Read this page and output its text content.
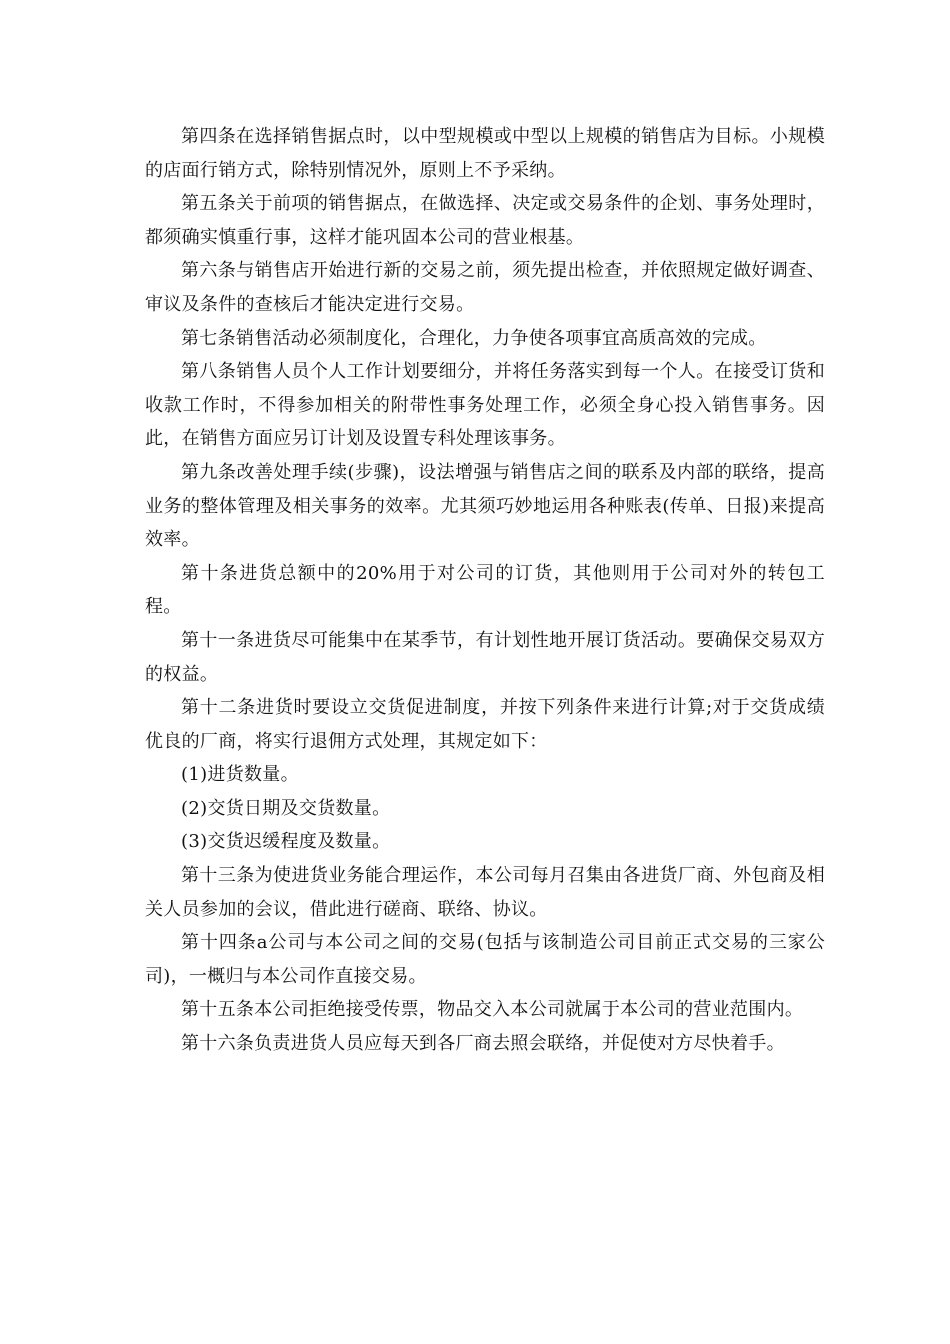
第四条在选择销售据点时，以中型规模或中型以上规模的销售店为目标。小规模的店面行销方式，除特别情况外，原则上不予采纳。

第五条关于前项的销售据点，在做选择、决定或交易条件的企划、事务处理时，都须确实慎重行事，这样才能巩固本公司的营业根基。

第六条与销售店开始进行新的交易之前，须先提出检查，并依照规定做好调查、审议及条件的查核后才能决定进行交易。

第七条销售活动必须制度化，合理化，力争使各项事宜高质高效的完成。

第八条销售人员个人工作计划要细分，并将任务落实到每一个人。在接受订货和收款工作时，不得参加相关的附带性事务处理工作，必须全身心投入销售事务。因此，在销售方面应另订计划及设置专科处理该事务。

第九条改善处理手续(步骤)，设法增强与销售店之间的联系及内部的联络，提高业务的整体管理及相关事务的效率。尤其须巧妙地运用各种账表(传单、日报)来提高效率。

第十条进货总额中的20%用于对公司的订货，其他则用于公司对外的转包工程。

第十一条进货尽可能集中在某季节，有计划性地开展订货活动。要确保交易双方的权益。

第十二条进货时要设立交货促进制度，并按下列条件来进行计算;对于交货成绩优良的厂商，将实行退佣方式处理，其规定如下：

(1)进货数量。

(2)交货日期及交货数量。

(3)交货迟缓程度及数量。

第十三条为使进货业务能合理运作，本公司每月召集由各进货厂商、外包商及相关人员参加的会议，借此进行磋商、联络、协议。

第十四条a公司与本公司之间的交易(包括与该制造公司目前正式交易的三家公司)，一概归与本公司作直接交易。

第十五条本公司拒绝接受传票，物品交入本公司就属于本公司的营业范围内。

第十六条负责进货人员应每天到各厂商去照会联络，并促使对方尽快着手。
